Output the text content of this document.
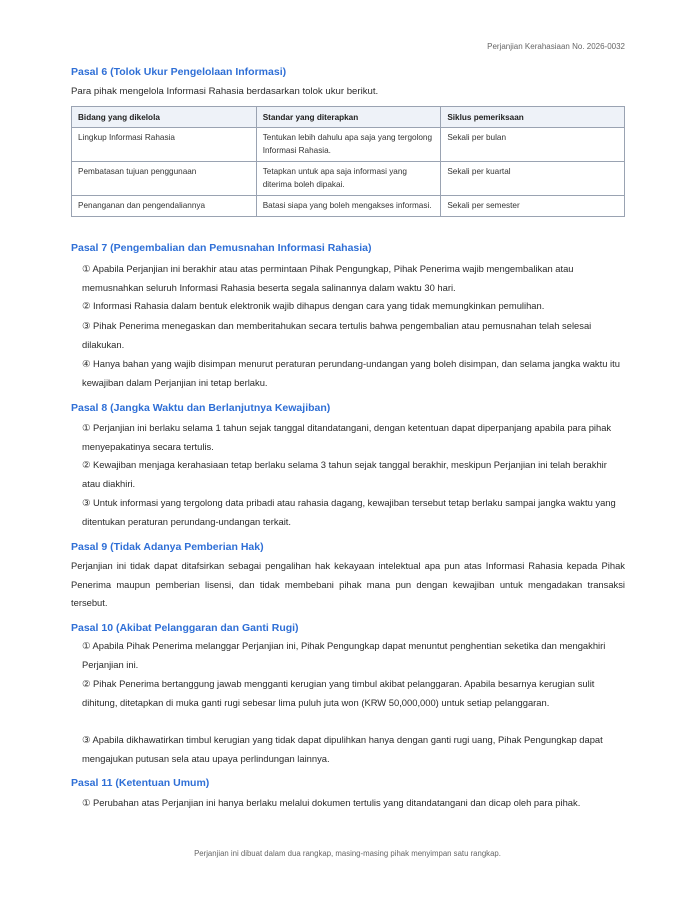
Perjanjian Kerahasiaan No. 2026-0032
Pasal 6 (Tolok Ukur Pengelolaan Informasi)
Para pihak mengelola Informasi Rahasia berdasarkan tolok ukur berikut.
Bidang yang dikelola	Standar yang diterapkan	Siklus pemeriksaan
Lingkup Informasi Rahasia	Tentukan lebih dahulu apa saja yang tergolong Informasi Rahasia.	Sekali per bulan
Pembatasan tujuan penggunaan	Tetapkan untuk apa saja informasi yang diterima boleh dipakai.	Sekali per kuartal
Penanganan dan pengendaliannya	Batasi siapa yang boleh mengakses informasi.	Sekali per semester
Pasal 7 (Pengembalian dan Pemusnahan Informasi Rahasia)
① Apabila Perjanjian ini berakhir atau atas permintaan Pihak Pengungkap, Pihak Penerima wajib mengembalikan atau memusnahkan seluruh Informasi Rahasia beserta segala salinannya dalam waktu 30 hari.
② Informasi Rahasia dalam bentuk elektronik wajib dihapus dengan cara yang tidak memungkinkan pemulihan.
③ Pihak Penerima menegaskan dan memberitahukan secara tertulis bahwa pengembalian atau pemusnahan telah selesai dilakukan.
④ Hanya bahan yang wajib disimpan menurut peraturan perundang-undangan yang boleh disimpan, dan selama jangka waktu itu kewajiban dalam Perjanjian ini tetap berlaku.
Pasal 8 (Jangka Waktu dan Berlanjutnya Kewajiban)
① Perjanjian ini berlaku selama 1 tahun sejak tanggal ditandatangani, dengan ketentuan dapat diperpanjang apabila para pihak menyepakatinya secara tertulis.
② Kewajiban menjaga kerahasiaan tetap berlaku selama 3 tahun sejak tanggal berakhir, meskipun Perjanjian ini telah berakhir atau diakhiri.
③ Untuk informasi yang tergolong data pribadi atau rahasia dagang, kewajiban tersebut tetap berlaku sampai jangka waktu yang ditentukan peraturan perundang-undangan terkait.
Pasal 9 (Tidak Adanya Pemberian Hak)
Perjanjian ini tidak dapat ditafsirkan sebagai pengalihan hak kekayaan intelektual apa pun atas Informasi Rahasia kepada Pihak Penerima maupun pemberian lisensi, dan tidak membebani pihak mana pun dengan kewajiban untuk mengadakan transaksi tersebut.
Pasal 10 (Akibat Pelanggaran dan Ganti Rugi)
① Apabila Pihak Penerima melanggar Perjanjian ini, Pihak Pengungkap dapat menuntut penghentian seketika dan mengakhiri Perjanjian ini.
② Pihak Penerima bertanggung jawab mengganti kerugian yang timbul akibat pelanggaran. Apabila besarnya kerugian sulit dihitung, ditetapkan di muka ganti rugi sebesar lima puluh juta won (KRW 50,000,000) untuk setiap pelanggaran.
③ Apabila dikhawatirkan timbul kerugian yang tidak dapat dipulihkan hanya dengan ganti rugi uang, Pihak Pengungkap dapat mengajukan putusan sela atau upaya perlindungan lainnya.
Pasal 11 (Ketentuan Umum)
① Perubahan atas Perjanjian ini hanya berlaku melalui dokumen tertulis yang ditandatangani dan dicap oleh para pihak.
Perjanjian ini dibuat dalam dua rangkap, masing-masing pihak menyimpan satu rangkap.
